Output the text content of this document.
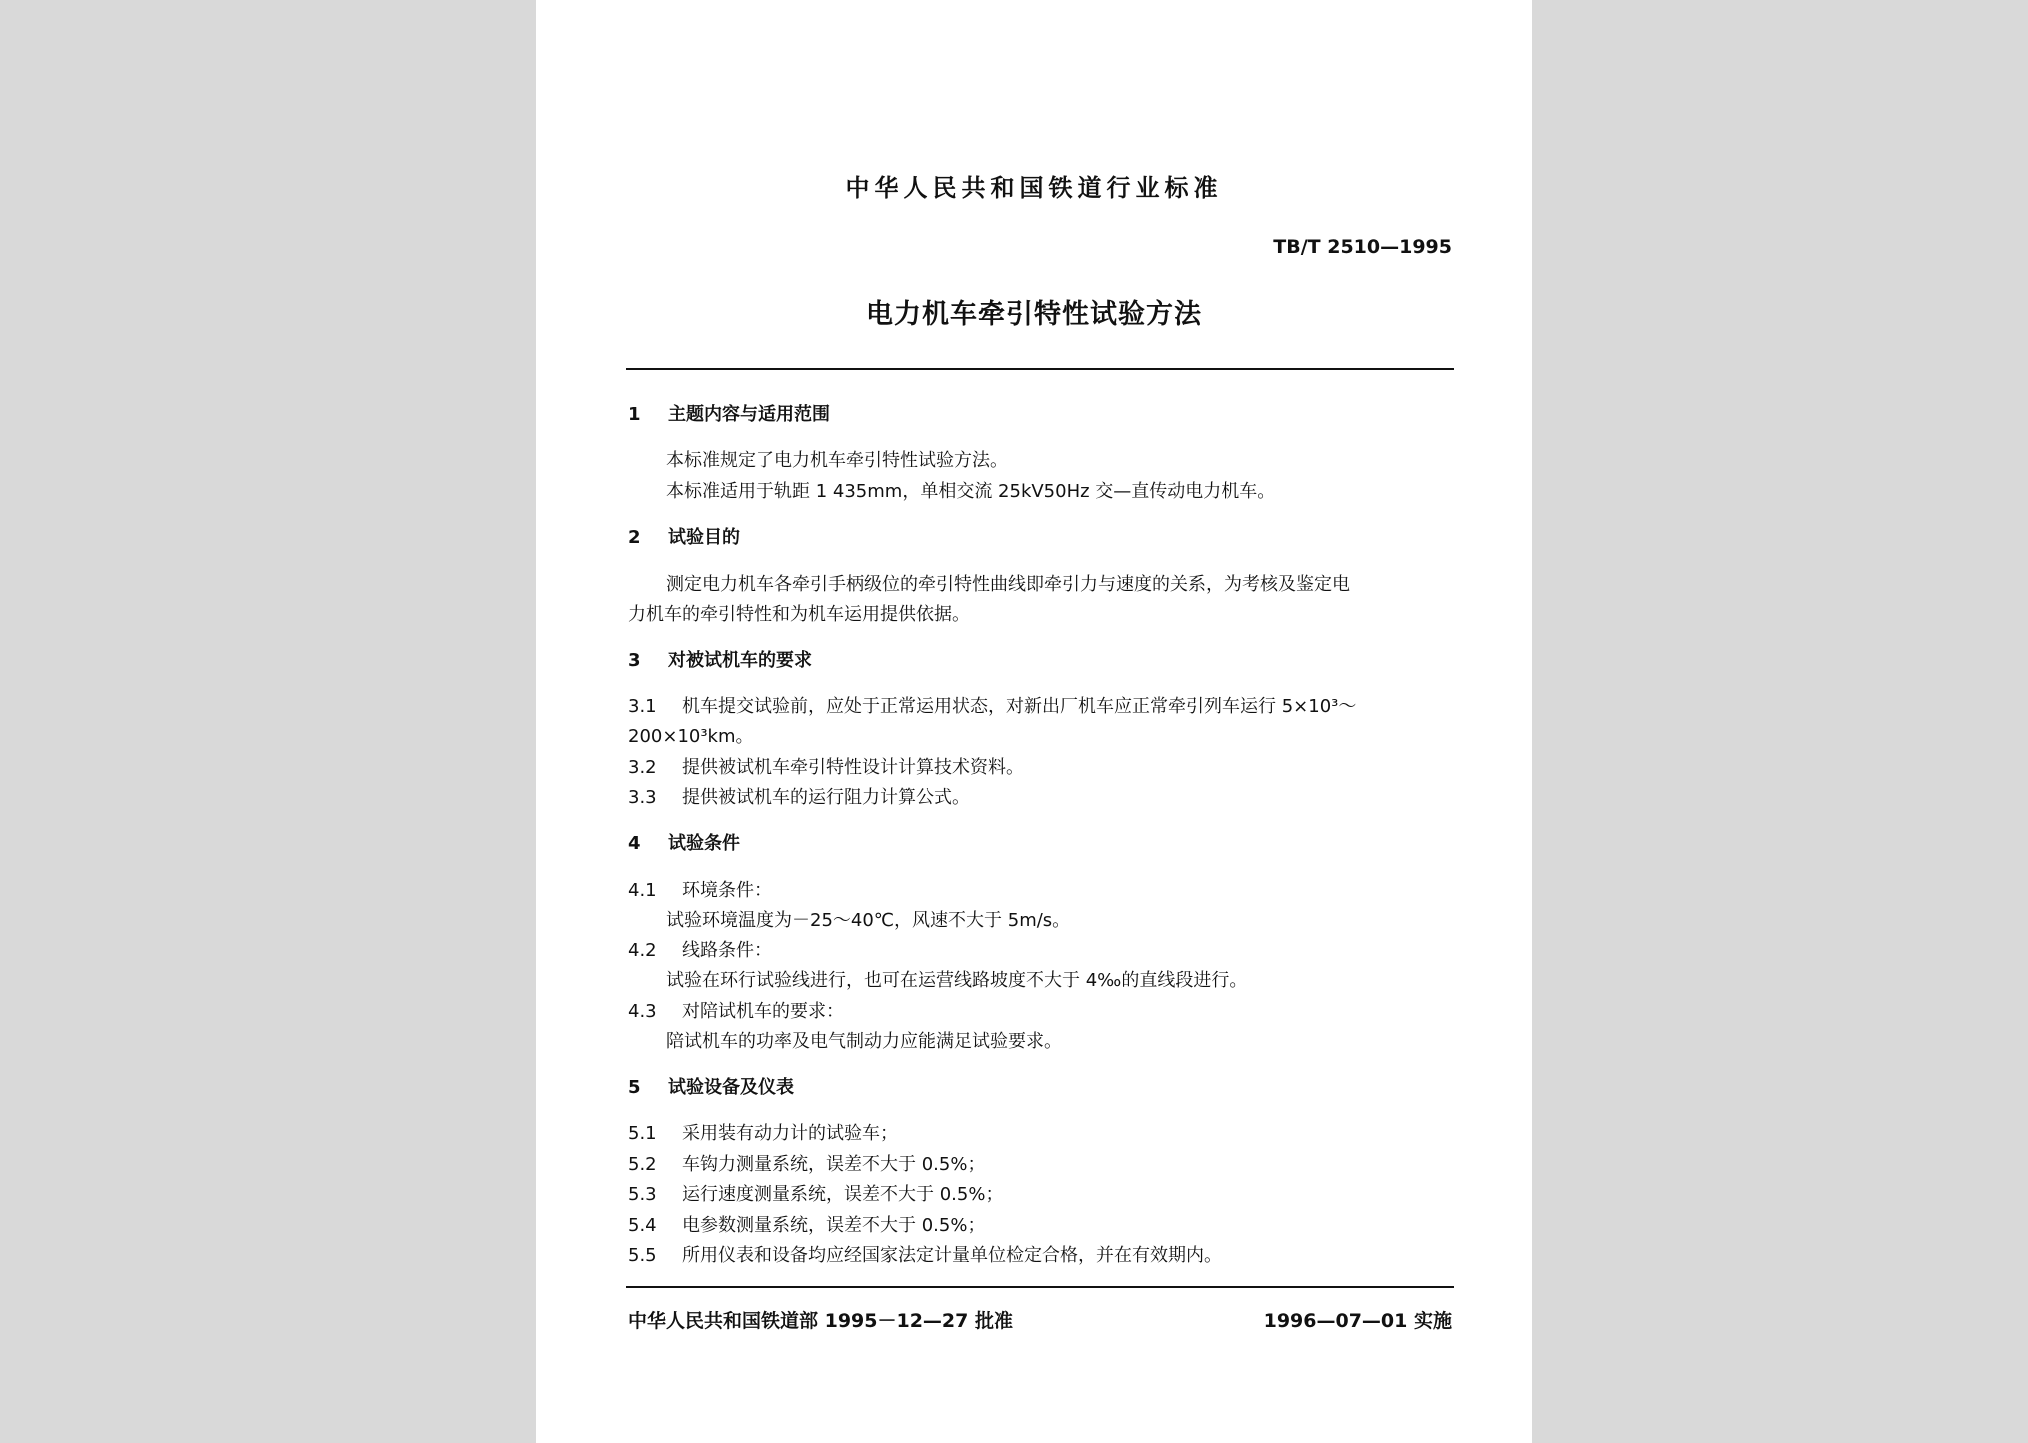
中华人民共和国铁道行业标准
TB/T 2510—1995
电力机车牵引特性试验方法
1 主题内容与适用范围
本标准规定了电力机车牵引特性试验方法。
本标准适用于轨距 1 435mm，单相交流 25kV50Hz 交—直传动电力机车。
2 试验目的
测定电力机车各牵引手柄级位的牵引特性曲线即牵引力与速度的关系，为考核及鉴定电
力机车的牵引特性和为机车运用提供依据。
3 对被试机车的要求
3.1 机车提交试验前，应处于正常运用状态，对新出厂机车应正常牵引列车运行 5×10³～
200×10³km。
3.2 提供被试机车牵引特性设计计算技术资料。
3.3 提供被试机车的运行阻力计算公式。
4 试验条件
4.1 环境条件：
试验环境温度为－25～40℃，风速不大于 5m/s。
4.2 线路条件：
试验在环行试验线进行，也可在运营线路坡度不大于 4‰的直线段进行。
4.3 对陪试机车的要求：
陪试机车的功率及电气制动力应能满足试验要求。
5 试验设备及仪表
5.1 采用装有动力计的试验车；
5.2 车钩力测量系统，误差不大于 0.5%；
5.3 运行速度测量系统，误差不大于 0.5%；
5.4 电参数测量系统，误差不大于 0.5%；
5.5 所用仪表和设备均应经国家法定计量单位检定合格，并在有效期内。
中华人民共和国铁道部 1995－12—27 批准	1996—07—01 实施
